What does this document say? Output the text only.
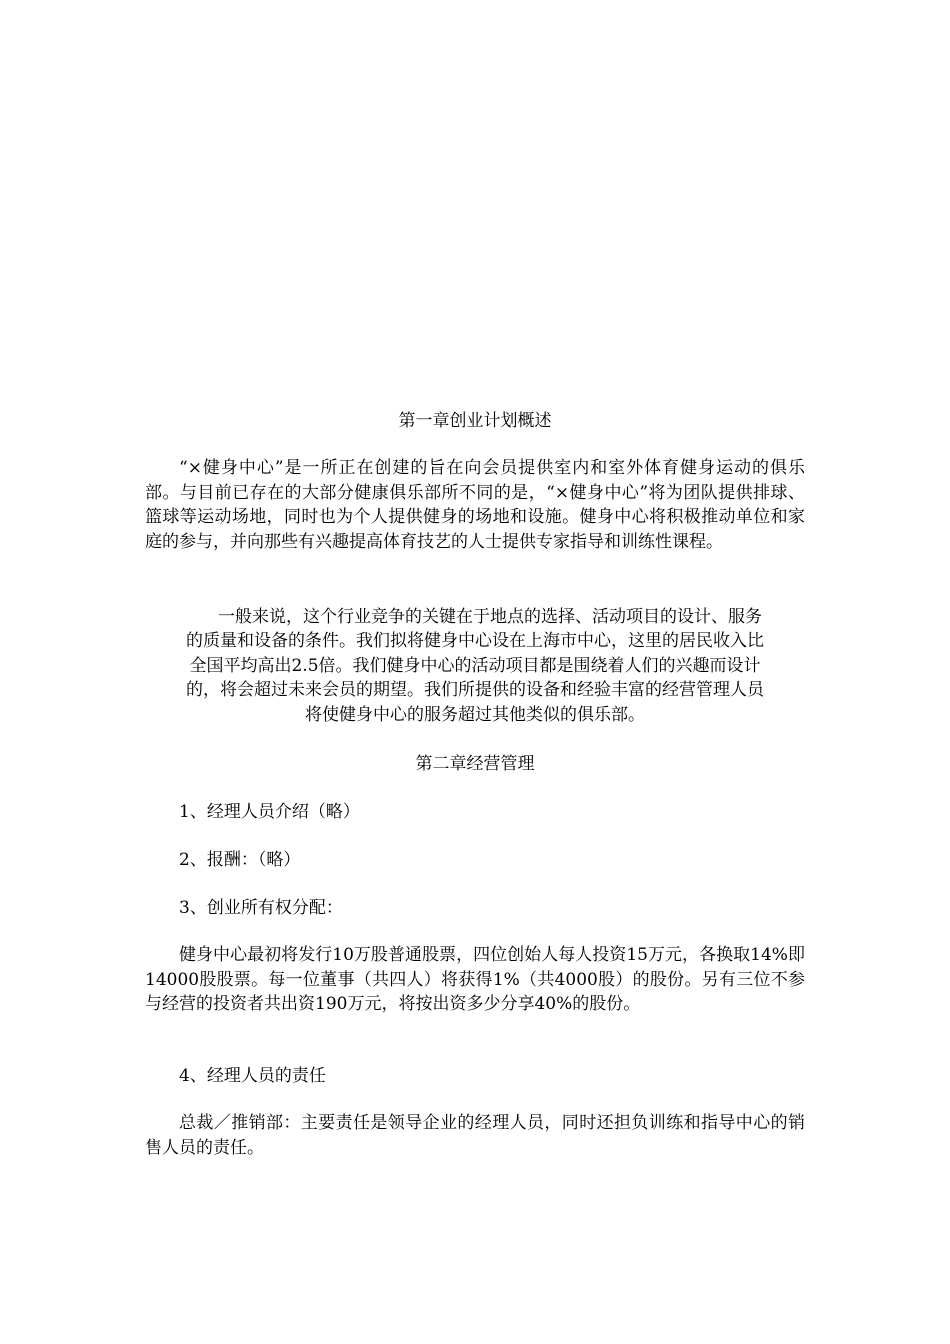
第一章创业计划概述

“×健身中心”是一所正在创建的旨在向会员提供室内和室外体育健身运动的俱乐部。与目前已存在的大部分健康俱乐部所不同的是，“×健身中心”将为团队提供排球、篮球等运动场地，同时也为个人提供健身的场地和设施。健身中心将积极推动单位和家庭的参与，并向那些有兴趣提高体育技艺的人士提供专家指导和训练性课程。

一般来说，这个行业竞争的关键在于地点的选择、活动项目的设计、服务
的质量和设备的条件。我们拟将健身中心设在上海市中心，这里的居民收入比
全国平均高出2.5倍。我们健身中心的活动项目都是围绕着人们的兴趣而设计
的，将会超过未来会员的期望。我们所提供的设备和经验丰富的经营管理人员
将使健身中心的服务超过其他类似的俱乐部。
第二章经营管理

1、经理人员介绍（略）

2、报酬：（略）

3、创业所有权分配：

健身中心最初将发行10万股普通股票，四位创始人每人投资15万元，各换取14%即14000股股票。每一位董事（共四人）将获得1%（共4000股）的股份。另有三位不参与经营的投资者共出资190万元，将按出资多少分享40%的股份。

4、经理人员的责任

总裁／推销部：主要责任是领导企业的经理人员，同时还担负训练和指导中心的销售人员的责任。
